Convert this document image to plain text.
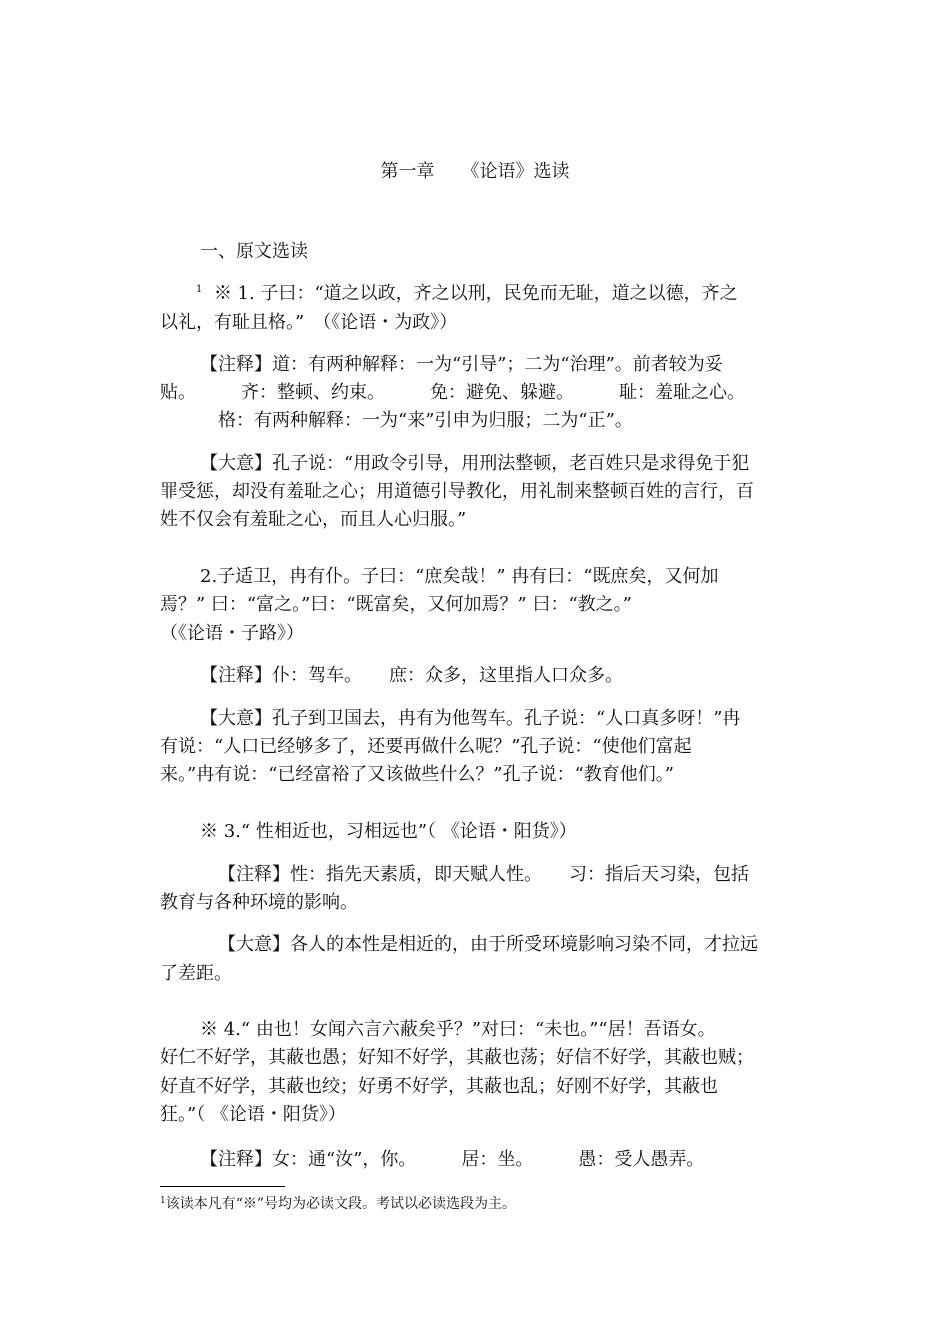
第一章　　《论语》选读
一、原文选读
$^1$ ※ 1. 子曰：“道之以政，齐之以刑，民免而无耻，道之以德，齐之
以礼，有耻且格。”　（《论语・为政》）
【注释】道：有两种解释：一为“引导”；二为“治理”。前者较为妥
贴。　　　齐：整顿、约束。　　　免：避免、躲避。　　　耻：羞耻之心。
格：有两种解释：一为“来”引申为归服；二为“正”。
【大意】孔子说：“用政令引导，用刑法整顿，老百姓只是求得免于犯
罪受惩，却没有羞耻之心；用道德引导教化，用礼制来整顿百姓的言行，百
姓不仅会有羞耻之心，而且人心归服。”
2.子适卫，冉有仆。子曰：“庶矣哉！” 冉有曰：“既庶矣，又何加
焉？” 曰：“富之。”曰：“既富矣，又何加焉？” 曰：“教之。”
（《论语・子路》）
【注释】仆：驾车。　　庶：众多，这里指人口众多。
【大意】孔子到卫国去，冉有为他驾车。孔子说：“人口真多呀！”冉
有说：“人口已经够多了，还要再做什么呢？”孔子说：“使他们富起
来。”冉有说：“已经富裕了又该做些什么？”孔子说：“教育他们。”
※ 3.“ 性相近也，习相远也”（ 《论语・阳货》）
【注释】性：指先天素质，即天赋人性。　　习：指后天习染，包括
教育与各种环境的影响。
【大意】各人的本性是相近的，由于所受环境影响习染不同，才拉远
了差距。
※ 4.“ 由也！女闻六言六蔽矣乎？”对曰：“未也。”“居！吾语女。
好仁不好学，其蔽也愚；好知不好学，其蔽也荡；好信不好学，其蔽也贼；
好直不好学，其蔽也绞；好勇不好学，其蔽也乱；好刚不好学，其蔽也
狂。”（ 《论语・阳货》）
【注释】女：通“汝”，你。　　　居：坐。　　　愚：受人愚弄。
$^1$该读本凡有“※”号均为必读文段。考试以必读选段为主。
